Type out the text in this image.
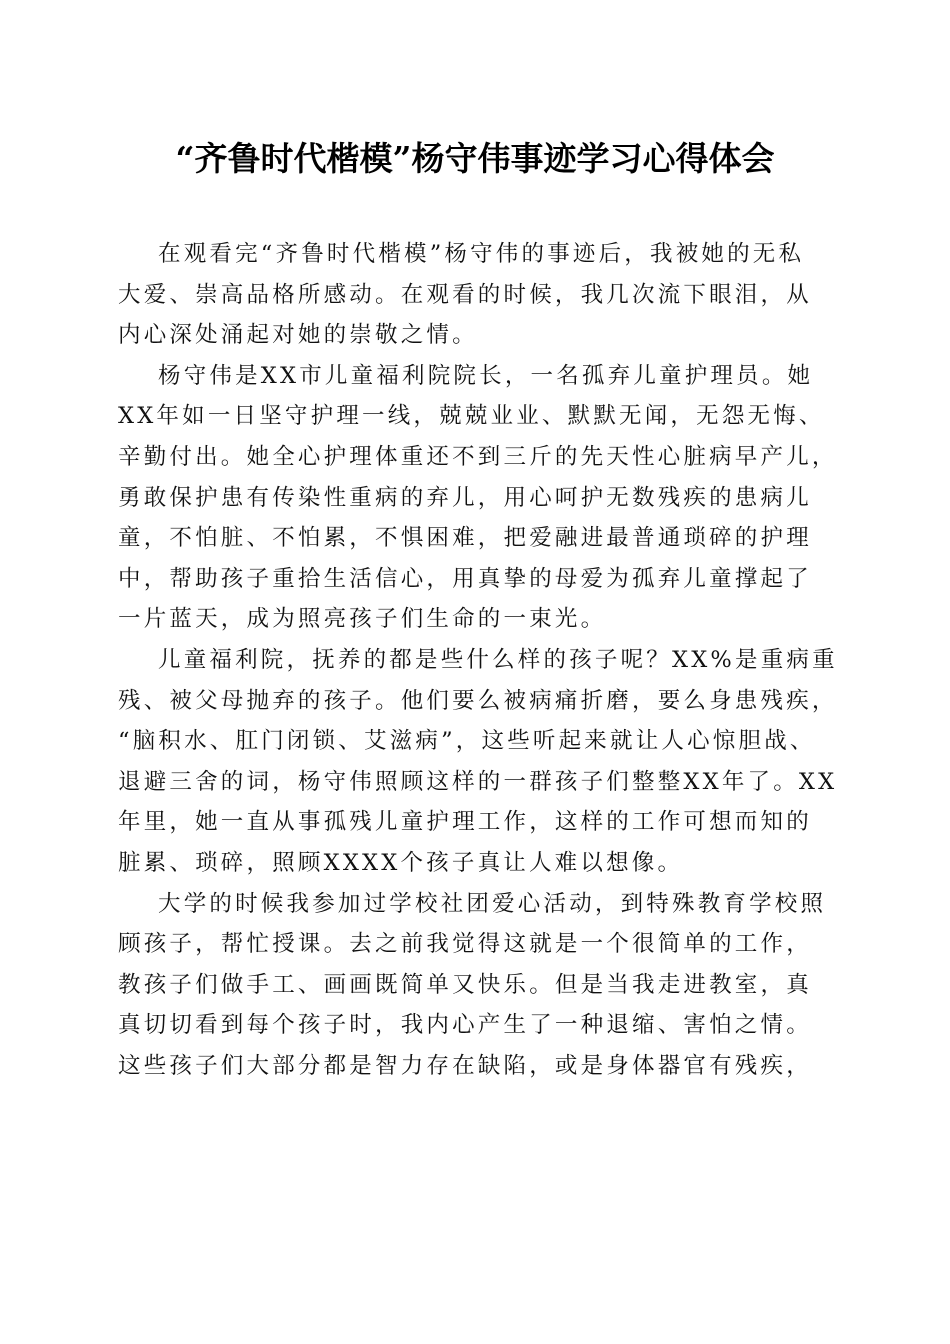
“齐鲁时代楷模”杨守伟事迹学习心得体会
在观看完“齐鲁时代楷模”杨守伟的事迹后，我被她的无私
大爱、崇高品格所感动。在观看的时候，我几次流下眼泪，从
内心深处涌起对她的崇敬之情。
杨守伟是XX市儿童福利院院长，一名孤弃儿童护理员。她
XX年如一日坚守护理一线，兢兢业业、默默无闻，无怨无悔、
辛勤付出。她全心护理体重还不到三斤的先天性心脏病早产儿，
勇敢保护患有传染性重病的弃儿，用心呵护无数残疾的患病儿
童，不怕脏、不怕累，不惧困难，把爱融进最普通琐碎的护理
中，帮助孩子重拾生活信心，用真挚的母爱为孤弃儿童撑起了
一片蓝天，成为照亮孩子们生命的一束光。
儿童福利院，抚养的都是些什么样的孩子呢？XX%是重病重
残、被父母抛弃的孩子。他们要么被病痛折磨，要么身患残疾，
“脑积水、肛门闭锁、艾滋病”，这些听起来就让人心惊胆战、
退避三舍的词，杨守伟照顾这样的一群孩子们整整XX年了。XX
年里，她一直从事孤残儿童护理工作，这样的工作可想而知的
脏累、琐碎，照顾XXXX个孩子真让人难以想像。
大学的时候我参加过学校社团爱心活动，到特殊教育学校照
顾孩子，帮忙授课。去之前我觉得这就是一个很简单的工作，
教孩子们做手工、画画既简单又快乐。但是当我走进教室，真
真切切看到每个孩子时，我内心产生了一种退缩、害怕之情。
这些孩子们大部分都是智力存在缺陷，或是身体器官有残疾，
